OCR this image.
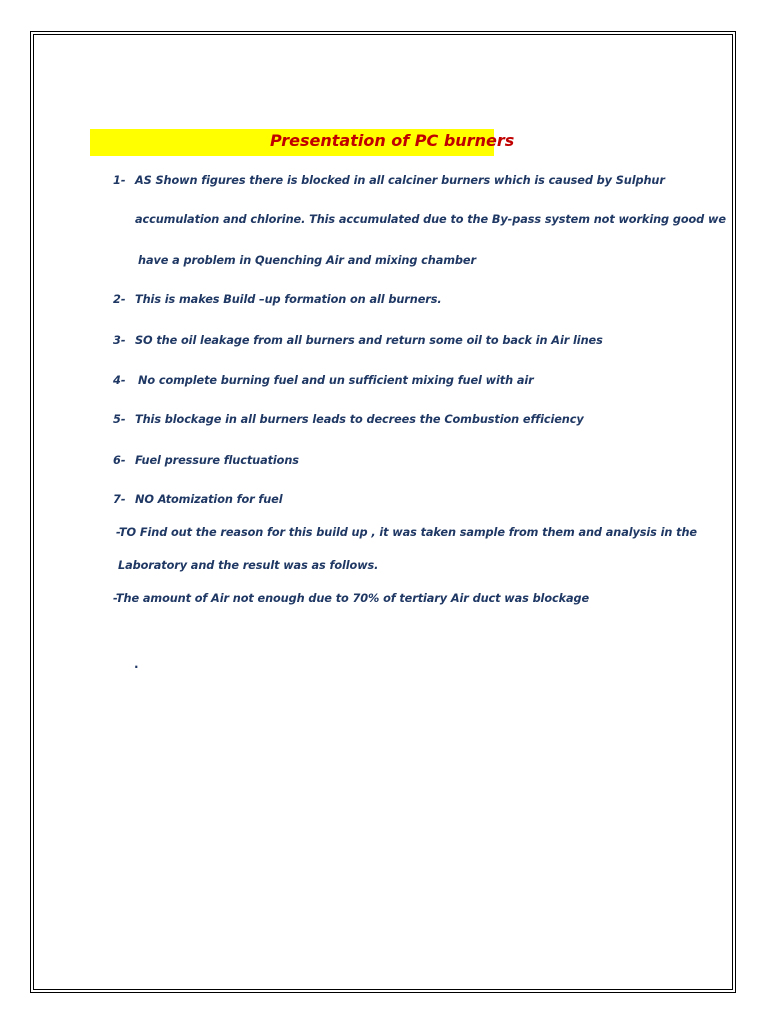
Presentation of PC burners
1- AS Shown figures there is blocked in all calciner burners which is caused by Sulphur
accumulation and chlorine. This accumulated due to the By-pass system not working good we
have a problem in Quenching Air and mixing chamber
2- This is makes Build –up formation on all burners.
3- SO the oil leakage from all burners and return some oil to back in Air lines
4- No complete burning fuel and un sufficient mixing fuel with air
5- This blockage in all burners leads to decrees the Combustion efficiency
6- Fuel pressure fluctuations
7- NO Atomization for fuel
-TO Find out the reason for this build up , it was taken sample from them and analysis in the
Laboratory and the result was as follows.
-The amount of Air not enough due to 70% of tertiary Air duct was blockage
.
